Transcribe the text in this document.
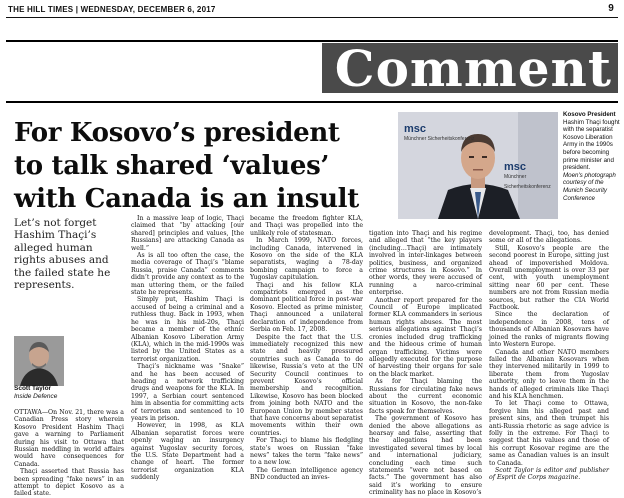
THE HILL TIMES | WEDNESDAY, DECEMBER 6, 2017	9
Comment
For Kosovo’s president
to talk shared ‘values’
with Canada is an insult
msc
Münchner Sicherheitskonferenz
msc
Münchner Sicherheitskonferenz
Kosovo President
Hashim Thaçi fought with the separatist Kosovo Liberation Army in the 1990s before becoming prime minister and president.
Moen's photograph courtesy of the Munich Security Conference
Let’s not forget Hashim Thaçi’s alleged human rights abuses and the failed state he represents.
Scott Taylor
Inside Defence

OTTAWA—On Nov. 21, there was a Canadian Press story wherein Kosovo President Hashim Thaçi gave a warning to Parliament during his visit to Ottawa that Russian meddling in world affairs would have consequences for Canada.

Thaçi asserted that Russia has been spreading “fake news” in an attempt to depict Kosovo as a failed state.

In a massive leap of logic, Thaçi claimed that “by attacking [our shared] principles and values, [the Russians] are attacking Canada as well.”

As is all too often the case, the media coverage of Thaçi’s “blame Russia, praise Canada” comments didn’t provide any context as to the man uttering them, or the failed state he represents.

Simply put, Hashim Thaçi is accused of being a criminal and a ruthless thug. Back in 1993, when he was in his mid-20s, Thaçi became a member of the ethnic Albanian Kosovo Liberation Army (KLA), which in the mid-1990s was listed by the United States as a terrorist organization.

Thaçi’s nickname was “Snake” and he has been accused of heading a network trafficking drugs and weapons for the KLA. In 1997, a Serbian court sentenced him in absentia for committing acts of terrorism and sentenced to 10 years in prison.

However, in 1998, as KLA Albanian separatist forces were openly waging an insurgency against Yugoslav security forces, the U.S. State Department had a change of heart. The former terrorist organization KLA suddenly

became the freedom fighter KLA, and Thaçi was propelled into the unlikely role of statesman.

In March 1999, NATO forces, including Canada, intervened in Kosovo on the side of the KLA separatists, waging a 78-day bombing campaign to force a Yugoslav capitulation.

Thaçi and his fellow KLA compatriots emerged as the dominant political force in post-war Kosovo. Elected as prime minister, Thaçi announced a unilateral declaration of independence from Serbia on Feb. 17, 2008.

Despite the fact that the U.S. immediately recognized this new state and heavily pressured countries such as Canada to do likewise, Russia’s veto at the UN Security Council continues to prevent Kosovo’s official membership and recognition. Likewise, Kosovo has been blocked from joining both NATO and the European Union by member states that have concerns about separatist movements within their own countries.

For Thaçi to blame his fledgling state’s woes on Russian “fake news” takes the term “fake news” to a new low.

The German intelligence agency BND conducted an inves-

tigation into Thaçi and his regime and alleged that “the key players (including…Thaçi) are intimately involved in inter-linkages between politics, business, and organized crime structures in Kosovo.” In other words, they were accused of running a narco-criminal enterprise.

Another report prepared for the Council of Europe implicated former KLA commanders in serious human rights abuses. The most serious allegations against Thaçi’s cronies included drug trafficking and the hideous crime of human organ trafficking. Victims were allegedly executed for the purpose of harvesting their organs for sale on the black market.

As for Thaçi blaming the Russians for circulating fake news about the current economic situation in Kosovo, the non-fake facts speak for themselves.

The government of Kosovo has denied the above allegations as hearsay and false, asserting that the allegations had been investigated several times by local and international judiciary, concluding each time such statements “were not based on facts.” The government has also said it’s working to ensure criminality has no place in Kosovo’s

development. Thaçi, too, has denied some or all of the allegations.

Still, Kosovo’s people are the second poorest in Europe, sitting just ahead of impoverished Moldova. Overall unemployment is over 33 per cent, with youth unemployment sitting near 60 per cent. These numbers are not from Russian media sources, but rather the CIA World Factbook.

Since the declaration of independence in 2008, tens of thousands of Albanian Kosovars have joined the ranks of migrants flowing into Western Europe.

Canada and other NATO members failed the Albanian Kosovars when they intervened militarily in 1999 to liberate them from Yugoslav authority, only to leave them in the hands of alleged criminals like Thaçi and his KLA henchmen.

To let Thaçi come to Ottawa, forgive him his alleged past and present sins, and then trumpet his anti-Russia rhetoric as sage advice is folly in the extreme. For Thaçi to suggest that his values and those of his corrupt Kosovar regime are the same as Canadian values is an insult to Canada.

Scott Taylor is editor and publisher of Esprit de Corps magazine.
